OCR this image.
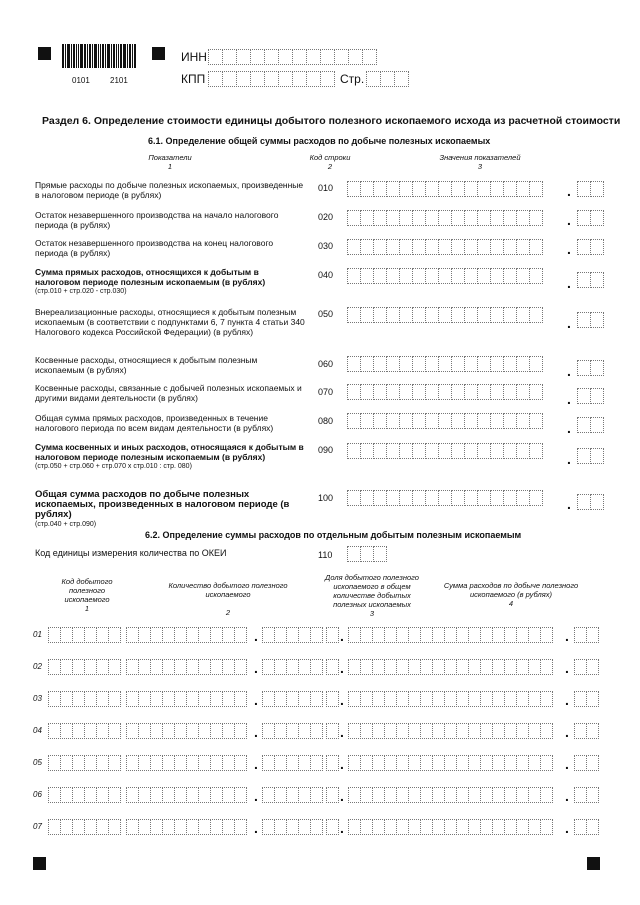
0101	2101
ИНН
КПП	Стр.
Раздел 6. Определение стоимости единицы добытого полезного ископаемого исхода из расчетной стоимости
6.1. Определение общей суммы расходов по добыче полезных ископаемых
Показатели
1
Код строки
2
Значения показателей
3
Прямые расходы по добыче полезных ископаемых, произведенные в налоговом периоде (в рублях)
010	.
Остаток незавершенного производства на начало налогового периода (в рублях)
020	.
Остаток незавершенного производства на конец налогового периода (в рублях)
030	.
Сумма прямых расходов, относящихся к добытым в налоговом периоде полезным ископаемым (в рублях)
(стр.010 + стр.020 - стр.030)
040	.
Внереализационные расходы, относящиеся к добытым полезным ископаемым (в соответствии с подпунктами 6, 7 пункта 4 статьи 340 Налогового кодекса Российской Федерации) (в рублях)
050
.
Косвенные расходы, относящиеся к добытым полезным ископаемым (в рублях)
060	.
Косвенные расходы, связанные с добычей полезных ископаемых и другими видами деятельности (в рублях)
070	.
Общая сумма прямых расходов, произведенных в течение налогового периода по всем видам деятельности (в рублях)
080	.
Сумма косвенных и иных расходов, относящаяся к добытым в налоговом периоде полезным ископаемым (в рублях)
(стр.050 + стр.060 + стр.070 х стр.010 : стр. 080)
090
.
Общая сумма расходов по добыче полезных ископаемых, произведенных в налоговом периоде (в рублях)
(стр.040 + стр.090)
100	.
6.2. Определение суммы расходов по отдельным добытым полезным ископаемым
Код единицы измерения количества по ОКЕИ	110
Код добытого полезного ископаемого
1
Количество добытого полезного ископаемого

2
Доля добытого полезного ископаемого в общем количестве добытых полезных ископаемых
3
Сумма расходов по добыче полезного ископаемого (в рублях)
4
01	.	.	.
02	.	.	.
03	.	.	.
04	.	.	.
05	.	.	.
06	.	.	.
07	.	.	.
